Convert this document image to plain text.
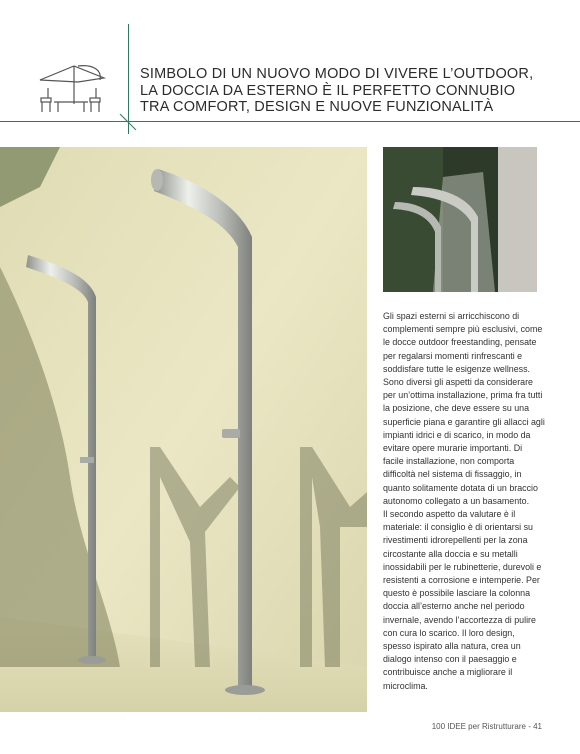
SIMBOLO DI UN NUOVO MODO DI VIVERE L’OUTDOOR,
LA DOCCIA DA ESTERNO È IL PERFETTO CONNUBIO
TRA COMFORT, DESIGN E NUOVE FUNZIONALITÀ

Gli spazi esterni si arricchiscono di complementi sempre più esclusivi, come le docce outdoor freestanding, pensate per regalarsi momenti rinfrescanti e soddisfare tutte le esigenze wellness. Sono diversi gli aspetti da considerare per un’ottima installazione, prima fra tutti la posizione, che deve essere su una superficie piana e garantire gli allacci agli impianti idrici e di scarico, in modo da evitare opere murarie importanti. Di facile installazione, non comporta difficoltà nel sistema di fissaggio, in quanto solitamente dotata di un braccio autonomo collegato a un basamento.

Il secondo aspetto da valutare è il materiale: il consiglio è di orientarsi su rivestimenti idrorepellenti per la zona circostante alla doccia e su metalli inossidabili per le rubinetterie, durevoli e resistenti a corrosione e intemperie. Per questo è possibile lasciare la colonna doccia all’esterno anche nel periodo invernale, avendo l’accortezza di pulire con cura lo scarico. Il loro design, spesso ispirato alla natura, crea un dialogo intenso con il paesaggio e contribuisce anche a migliorare il microclima.

100 IDEE per Ristrutturare - 41
